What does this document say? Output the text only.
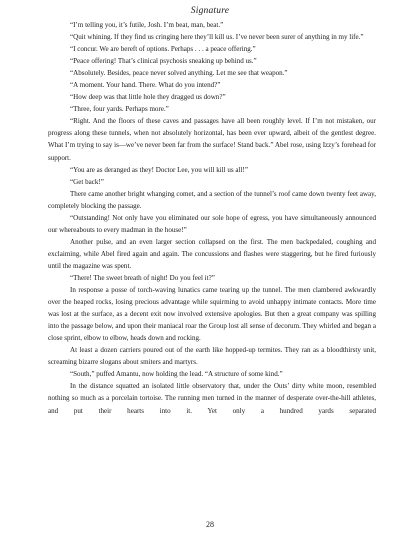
Signature

“I’m telling you, it’s futile, Josh. I’m beat, man, beat.”

“Quit whining. If they find us cringing here they’ll kill us. I’ve never been surer of anything in my life.”

“I concur. We are bereft of options. Perhaps . . . a peace offering.”

“Peace offering! That’s clinical psychosis sneaking up behind us.”

“Absolutely. Besides, peace never solved anything. Let me see that weapon.”

“A moment. Your hand. There. What do you intend?”

“How deep was that little hole they dragged us down?”

“Three, four yards. Perhaps more.”

“Right. And the floors of these caves and passages have all been roughly level. If I’m not mistaken, our progress along these tunnels, when not absolutely horizontal, has been ever upward, albeit of the gentlest degree. What I’m trying to say is—we’ve never been far from the surface! Stand back.” Abel rose, using Izzy’s forehead for support.

“You are as deranged as they! Doctor Lee, you will kill us all!”

“Get back!”

There came another bright whanging comet, and a section of the tunnel’s roof came down twenty feet away, completely blocking the passage.

“Outstanding! Not only have you eliminated our sole hope of egress, you have simultaneously announced our whereabouts to every madman in the house!”

Another pulse, and an even larger section collapsed on the first. The men backpedaled, coughing and exclaiming, while Abel fired again and again. The concussions and flashes were staggering, but he fired furiously until the magazine was spent.

“There! The sweet breath of night! Do you feel it?”

In response a posse of torch-waving lunatics came tearing up the tunnel. The men clambered awkwardly over the heaped rocks, losing precious advantage while squirming to avoid unhappy intimate contacts. More time was lost at the surface, as a decent exit now involved extensive apologies. But then a great company was spilling into the passage below, and upon their maniacal roar the Group lost all sense of decorum. They whirled and began a close sprint, elbow to elbow, heads down and rocking.

At least a dozen carriers poured out of the earth like hopped-up termites. They ran as a bloodthirsty unit, screaming bizarre slogans about smiters and martyrs.

“South,” puffed Amantu, now holding the lead. “A structure of some kind.”

In the distance squatted an isolated little observatory that, under the Outs’ dirty white moon, resembled nothing so much as a porcelain tortoise. The running men turned in the manner of desperate over-the-hill athletes, and put their hearts into it. Yet only a hundred yards separated

28
